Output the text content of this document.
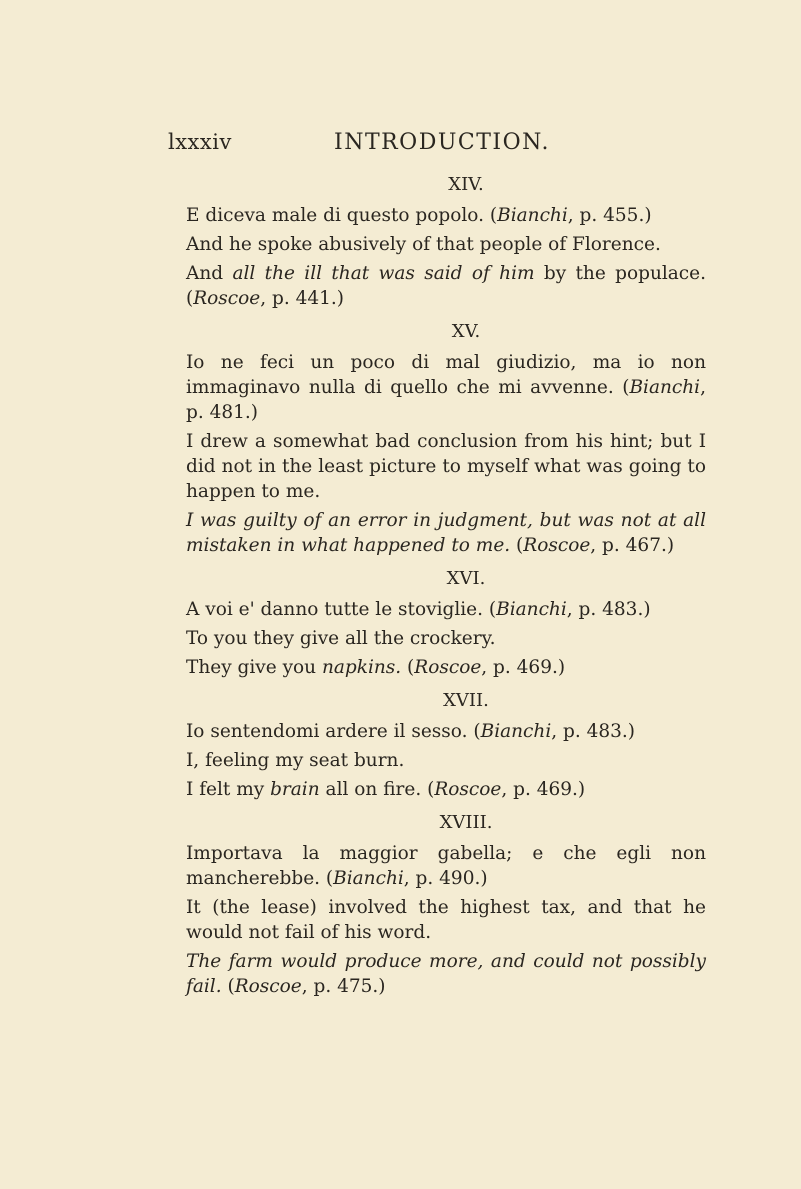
lxxxiv	INTRODUCTION.

XIV.

E diceva male di questo popolo. (Bianchi, p. 455.)

And he spoke abusively of that people of Florence.

And all the ill that was said of him by the populace. (Roscoe, p. 441.)

XV.

Io ne feci un poco di mal giudizio, ma io non immaginavo nulla di quello che mi avvenne. (Bianchi, p. 481.)

I drew a somewhat bad conclusion from his hint; but I did not in the least picture to myself what was going to happen to me.

I was guilty of an error in judgment, but was not at all mistaken in what happened to me. (Roscoe, p. 467.)

XVI.

A voi e' danno tutte le stoviglie. (Bianchi, p. 483.)

To you they give all the crockery.

They give you napkins. (Roscoe, p. 469.)

XVII.

Io sentendomi ardere il sesso. (Bianchi, p. 483.)

I, feeling my seat burn.

I felt my brain all on fire. (Roscoe, p. 469.)

XVIII.

Importava la maggior gabella; e che egli non mancherebbe. (Bianchi, p. 490.)

It (the lease) involved the highest tax, and that he would not fail of his word.

The farm would produce more, and could not possibly fail. (Roscoe, p. 475.)
